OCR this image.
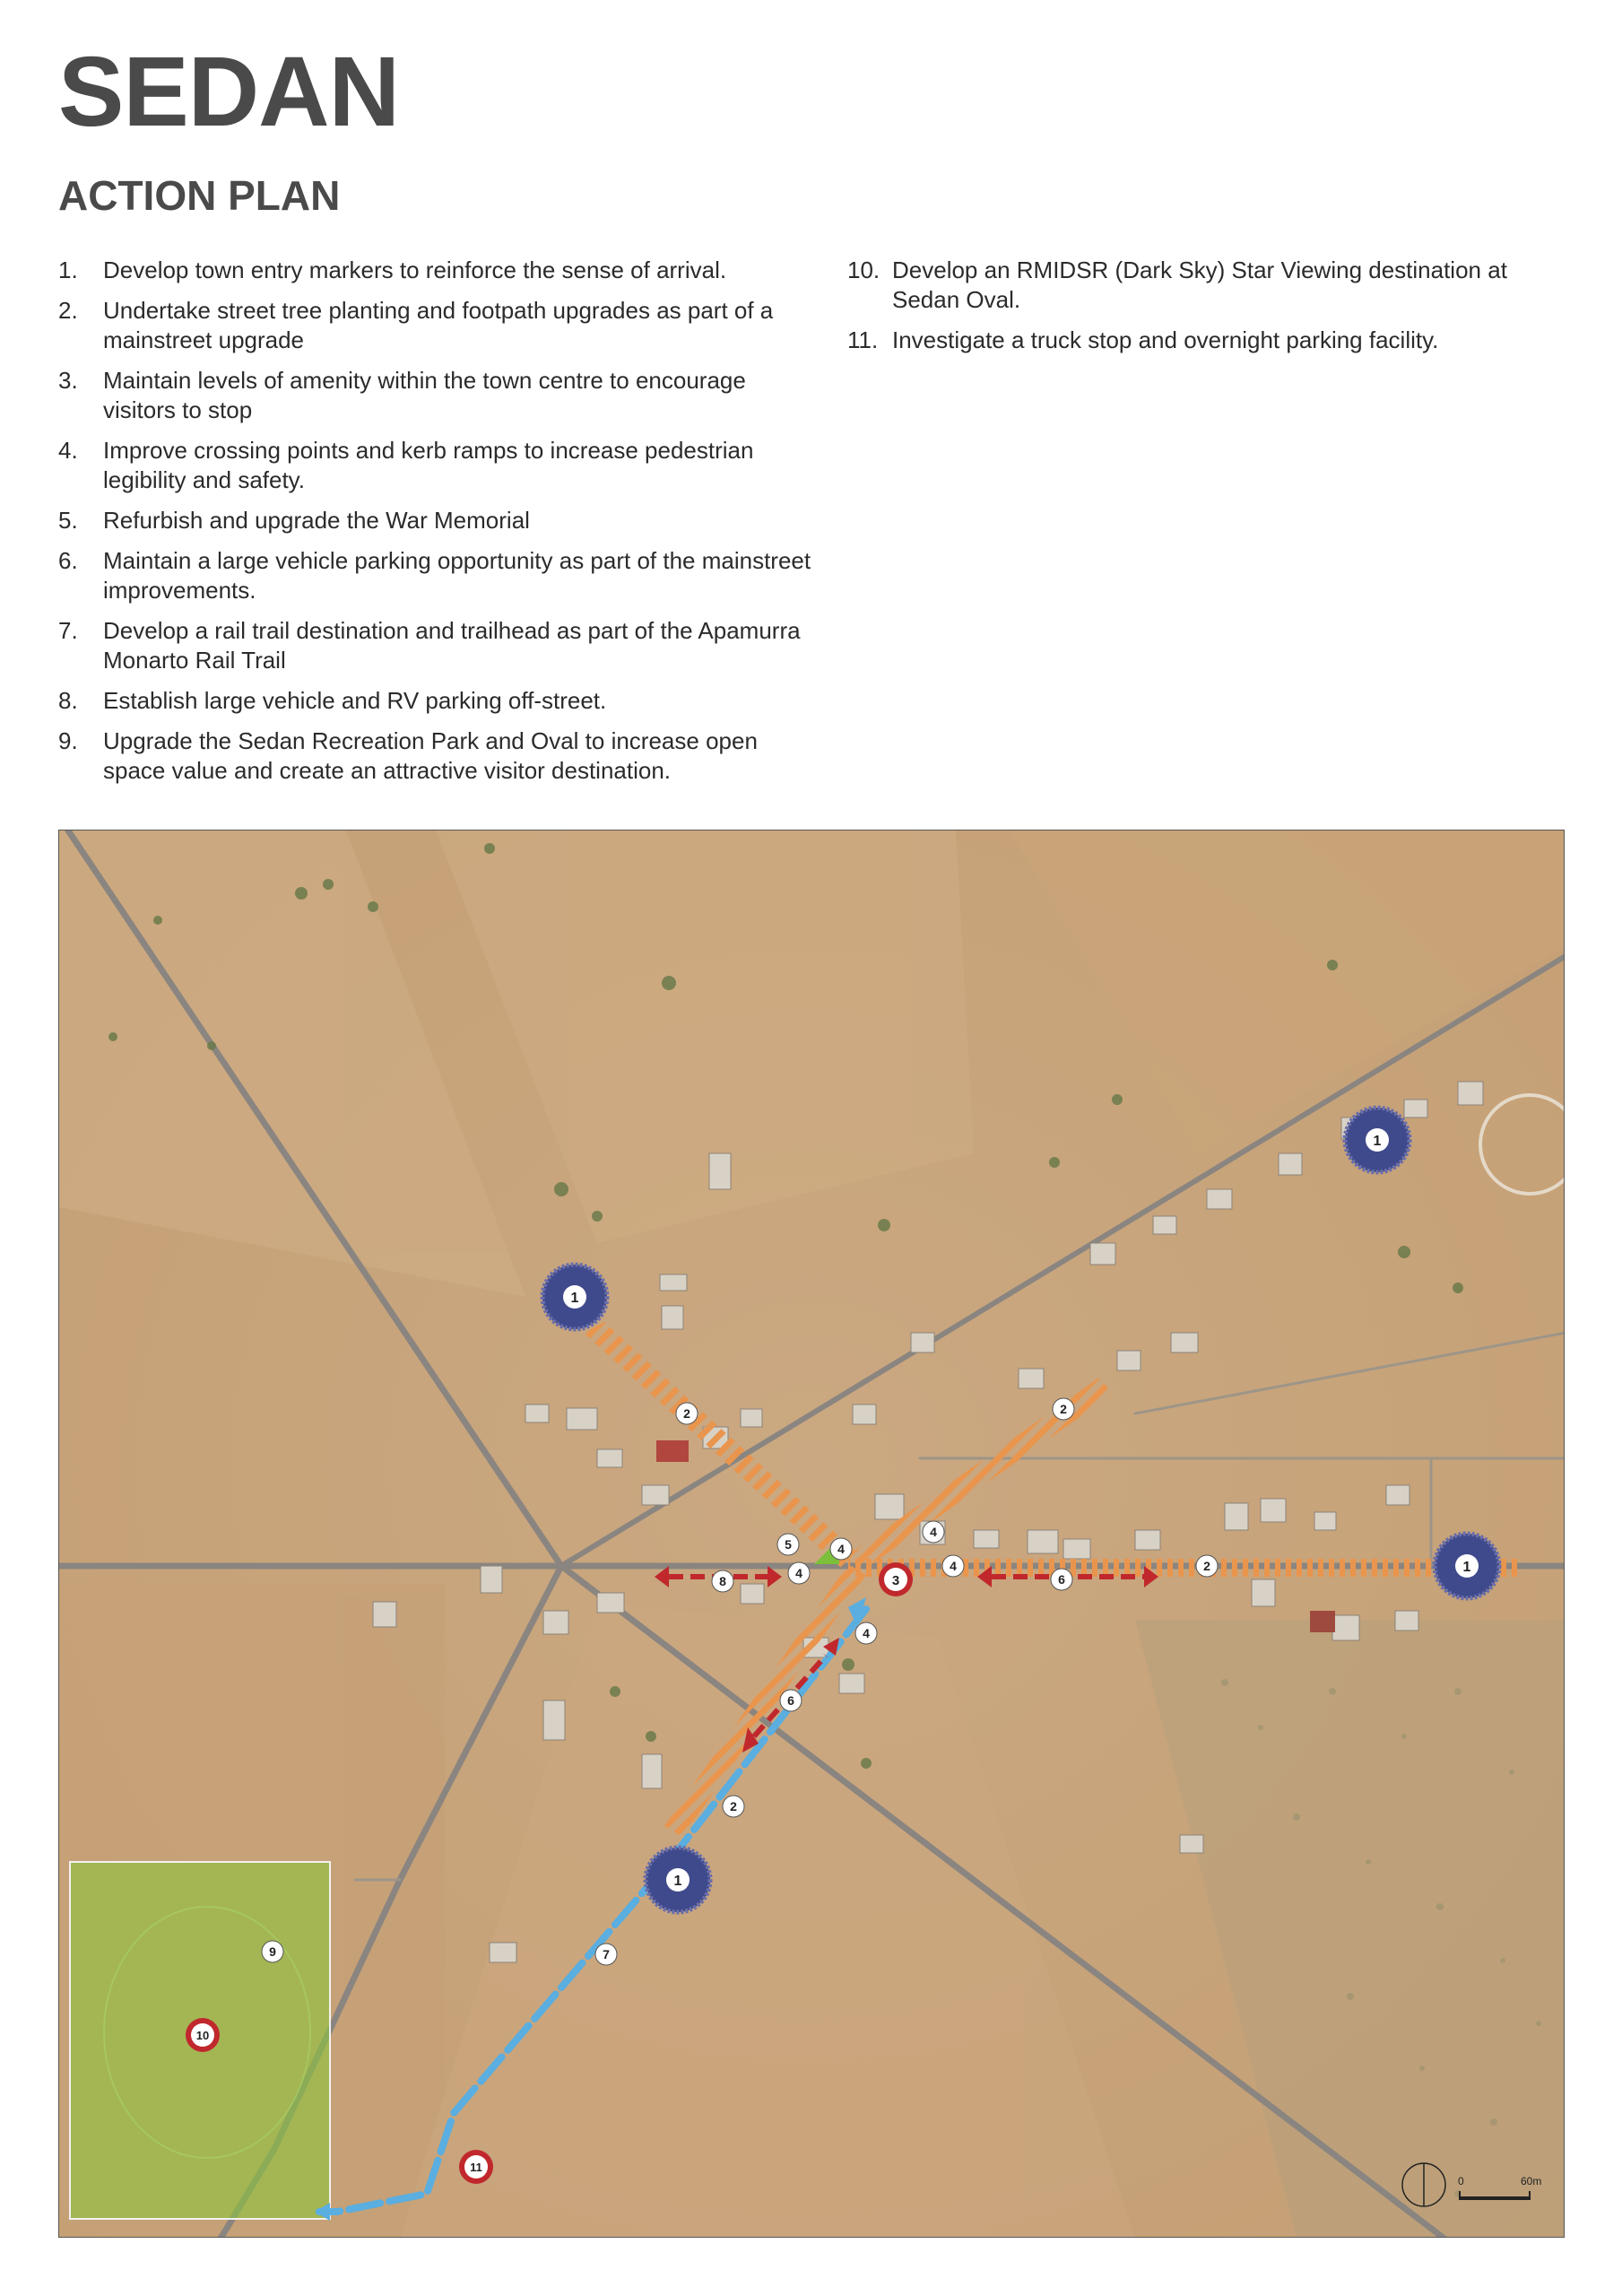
SEDAN
ACTION PLAN
1. Develop town entry markers to reinforce the sense of arrival.
2. Undertake street tree planting and footpath upgrades as part of a mainstreet upgrade
3. Maintain levels of amenity within the town centre to encourage visitors to stop
4. Improve crossing points and kerb ramps to increase pedestrian legibility and safety.
5. Refurbish and upgrade the War Memorial
6. Maintain a large vehicle parking opportunity as part of the mainstreet improvements.
7. Develop a rail trail destination and trailhead as part of the Apamurra Monarto Rail Trail
8. Establish large vehicle and RV parking off-street.
9. Upgrade the Sedan Recreation Park and Oval to increase open space value and create an attractive visitor destination.
10. Develop an RMIDSR (Dark Sky) Star Viewing destination at Sedan Oval.
11. Investigate a truck stop and overnight parking facility.
1
1
1
1
3
10
11
2	2
2
2
4
4
4
4
4
5
6
6
7
8
9
0	60m
